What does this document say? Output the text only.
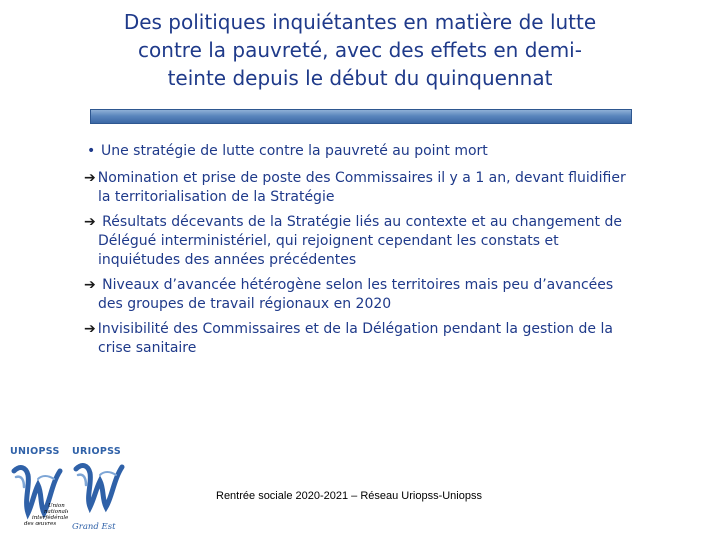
Des politiques inquiétantes en matière de lutte
contre la pauvreté, avec des effets en demi-
teinte depuis le début du quinquennat
• Une stratégie de lutte contre la pauvreté au point mort
➔ Nomination et prise de poste des Commissaires il y a 1 an, devant fluidifier
la territorialisation de la Stratégie
➔ Résultats décevants de la Stratégie liés au contexte et au changement de
Délégué interministériel, qui rejoignent cependant les constats et
inquiétudes des années précédentes
➔ Niveaux d’avancée hétérogène selon les territoires mais peu d’avancées
des groupes de travail régionaux en 2020
➔ Invisibilité des Commissaires et de la Délégation pendant la gestion de la
crise sanitaire
UNIOPSS
Union nationale interfédérale des œuvres
URIOPSS
Grand Est
Rentrée sociale 2020-2021 – Réseau Uriopss-Uniopss
